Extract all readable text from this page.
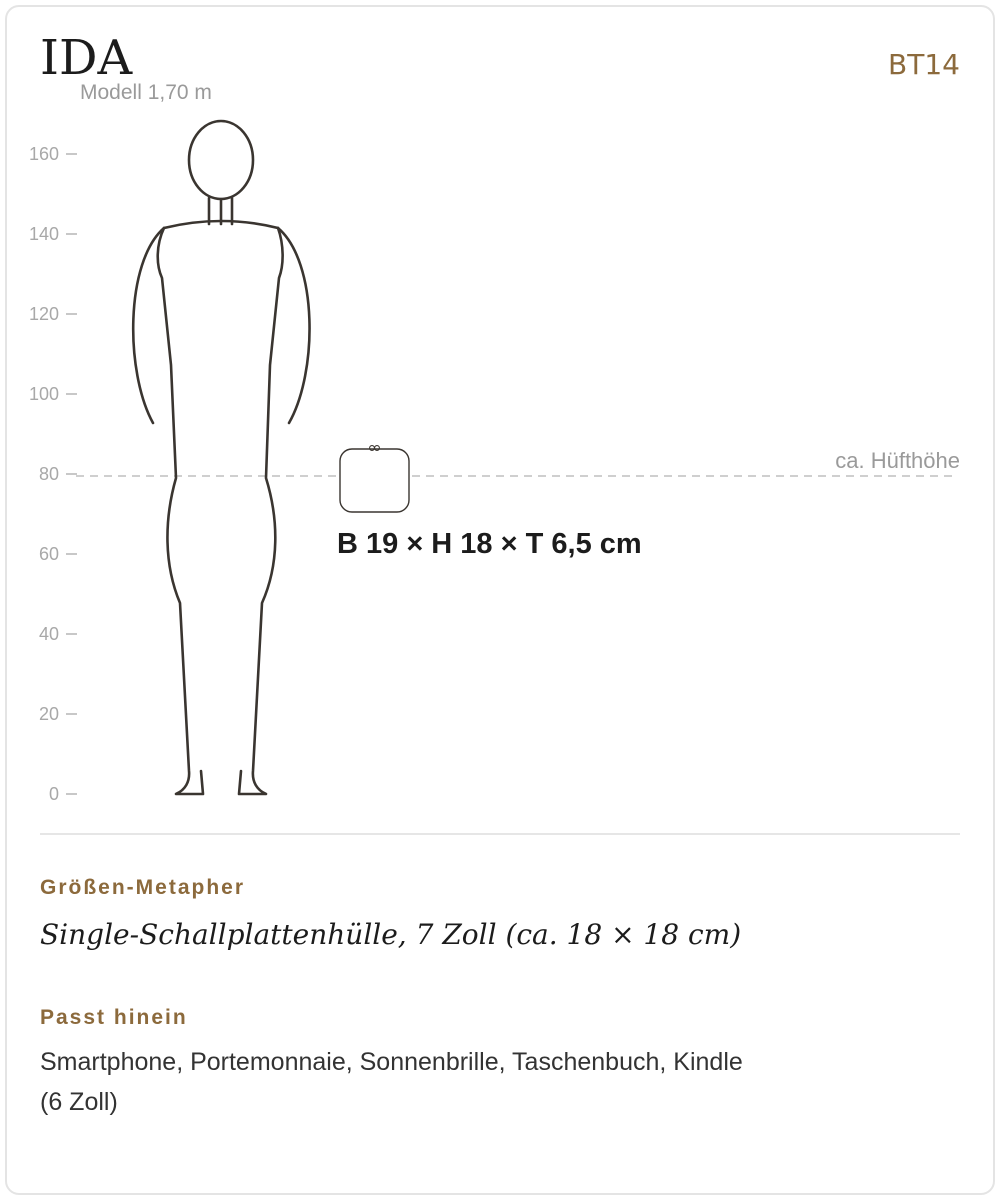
IDA	BT14
Modell 1,70 m
0
20
40
60
80
100
120
140
160
ca. Hüfthöhe
B 19 × H 18 × T 6,5 cm
Größen-Metapher
Single-Schallplattenhülle, 7 Zoll (ca. 18 × 18 cm)
Passt hinein
Smartphone, Portemonnaie, Sonnenbrille, Taschenbuch, Kindle (6 Zoll)
